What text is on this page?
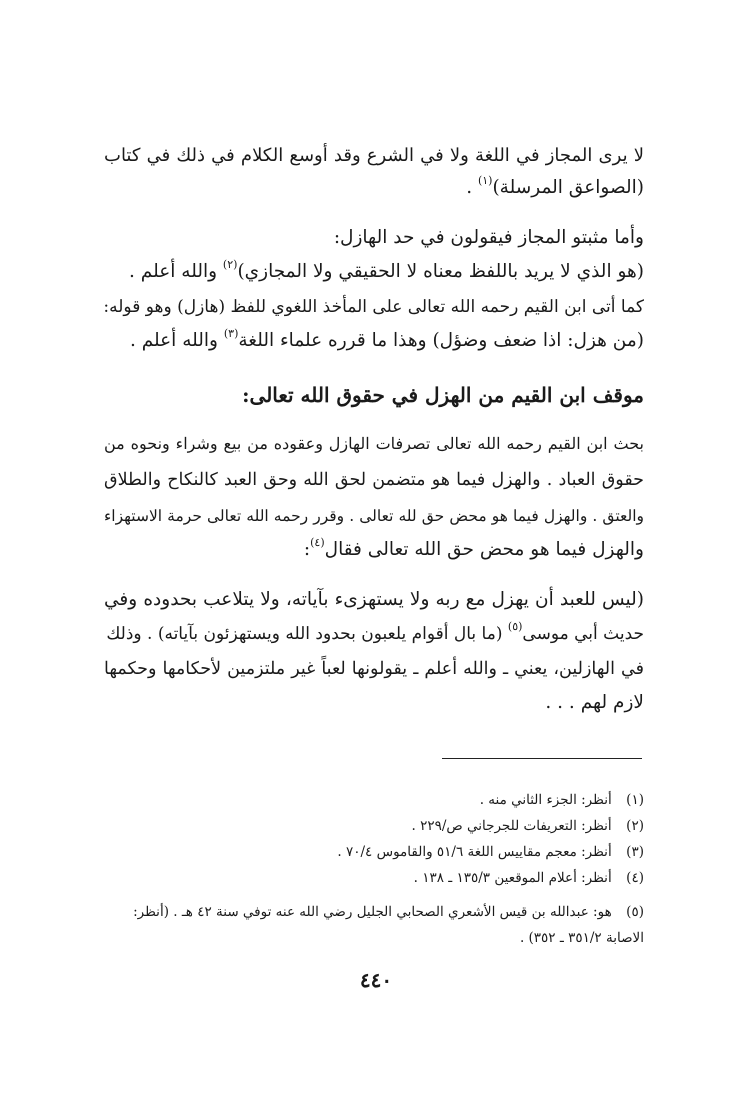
لا يرى المجاز في اللغة ولا في الشرع وقد أوسع الكلام في ذلك في كتاب
(الصواعق المرسلة)$^{(١)}$ .
وأما مثبتو المجاز فيقولون في حد الهازل:
(هو الذي لا يريد باللفظ معناه لا الحقيقي ولا المجازي)$^{(٢)}$ والله أعلم .
كما أتى ابن القيم رحمه الله تعالى على المأخذ اللغوي للفظ (هازل) وهو قوله:
(من هزل: اذا ضعف وضؤل) وهذا ما قرره علماء اللغة$^{(٣)}$ والله أعلم .
موقف ابن القيم من الهزل في حقوق الله تعالى:
بحث ابن القيم رحمه الله تعالى تصرفات الهازل وعقوده من بيع وشراء ونحوه من
حقوق العباد . والهزل فيما هو متضمن لحق الله وحق العبد كالنكاح والطلاق
والعتق . والهزل فيما هو محض حق لله تعالى . وقرر رحمه الله تعالى حرمة الاستهزاء
والهزل فيما هو محض حق الله تعالى فقال$^{(٤)}$:
(ليس للعبد أن يهزل مع ربه ولا يستهزىء بآياته، ولا يتلاعب بحدوده وفي
حديث أبي موسى$^{(٥)}$ (ما بال أقوام يلعبون بحدود الله ويستهزئون بآياته) . وذلك
في الهازلين، يعني ـ والله أعلم ـ يقولونها لعباً غير ملتزمين لأحكامها وحكمها
لازم لهم . . .
(١) أنظر: الجزء الثاني منه .
(٢) أنظر: التعريفات للجرجاني ص/٢٢٩ .
(٣) أنظر: معجم مقاييس اللغة ٥١/٦ والقاموس ٧٠/٤ .
(٤) أنظر: أعلام الموقعين ١٣٥/٣ ـ ١٣٨ .
(٥) هو: عبدالله بن قيس الأشعري الصحابي الجليل رضي الله عنه توفي سنة ٤٢ هـ . (أنظر:
الاصابة ٣٥١/٢ ـ ٣٥٢) .
٤٤٠
